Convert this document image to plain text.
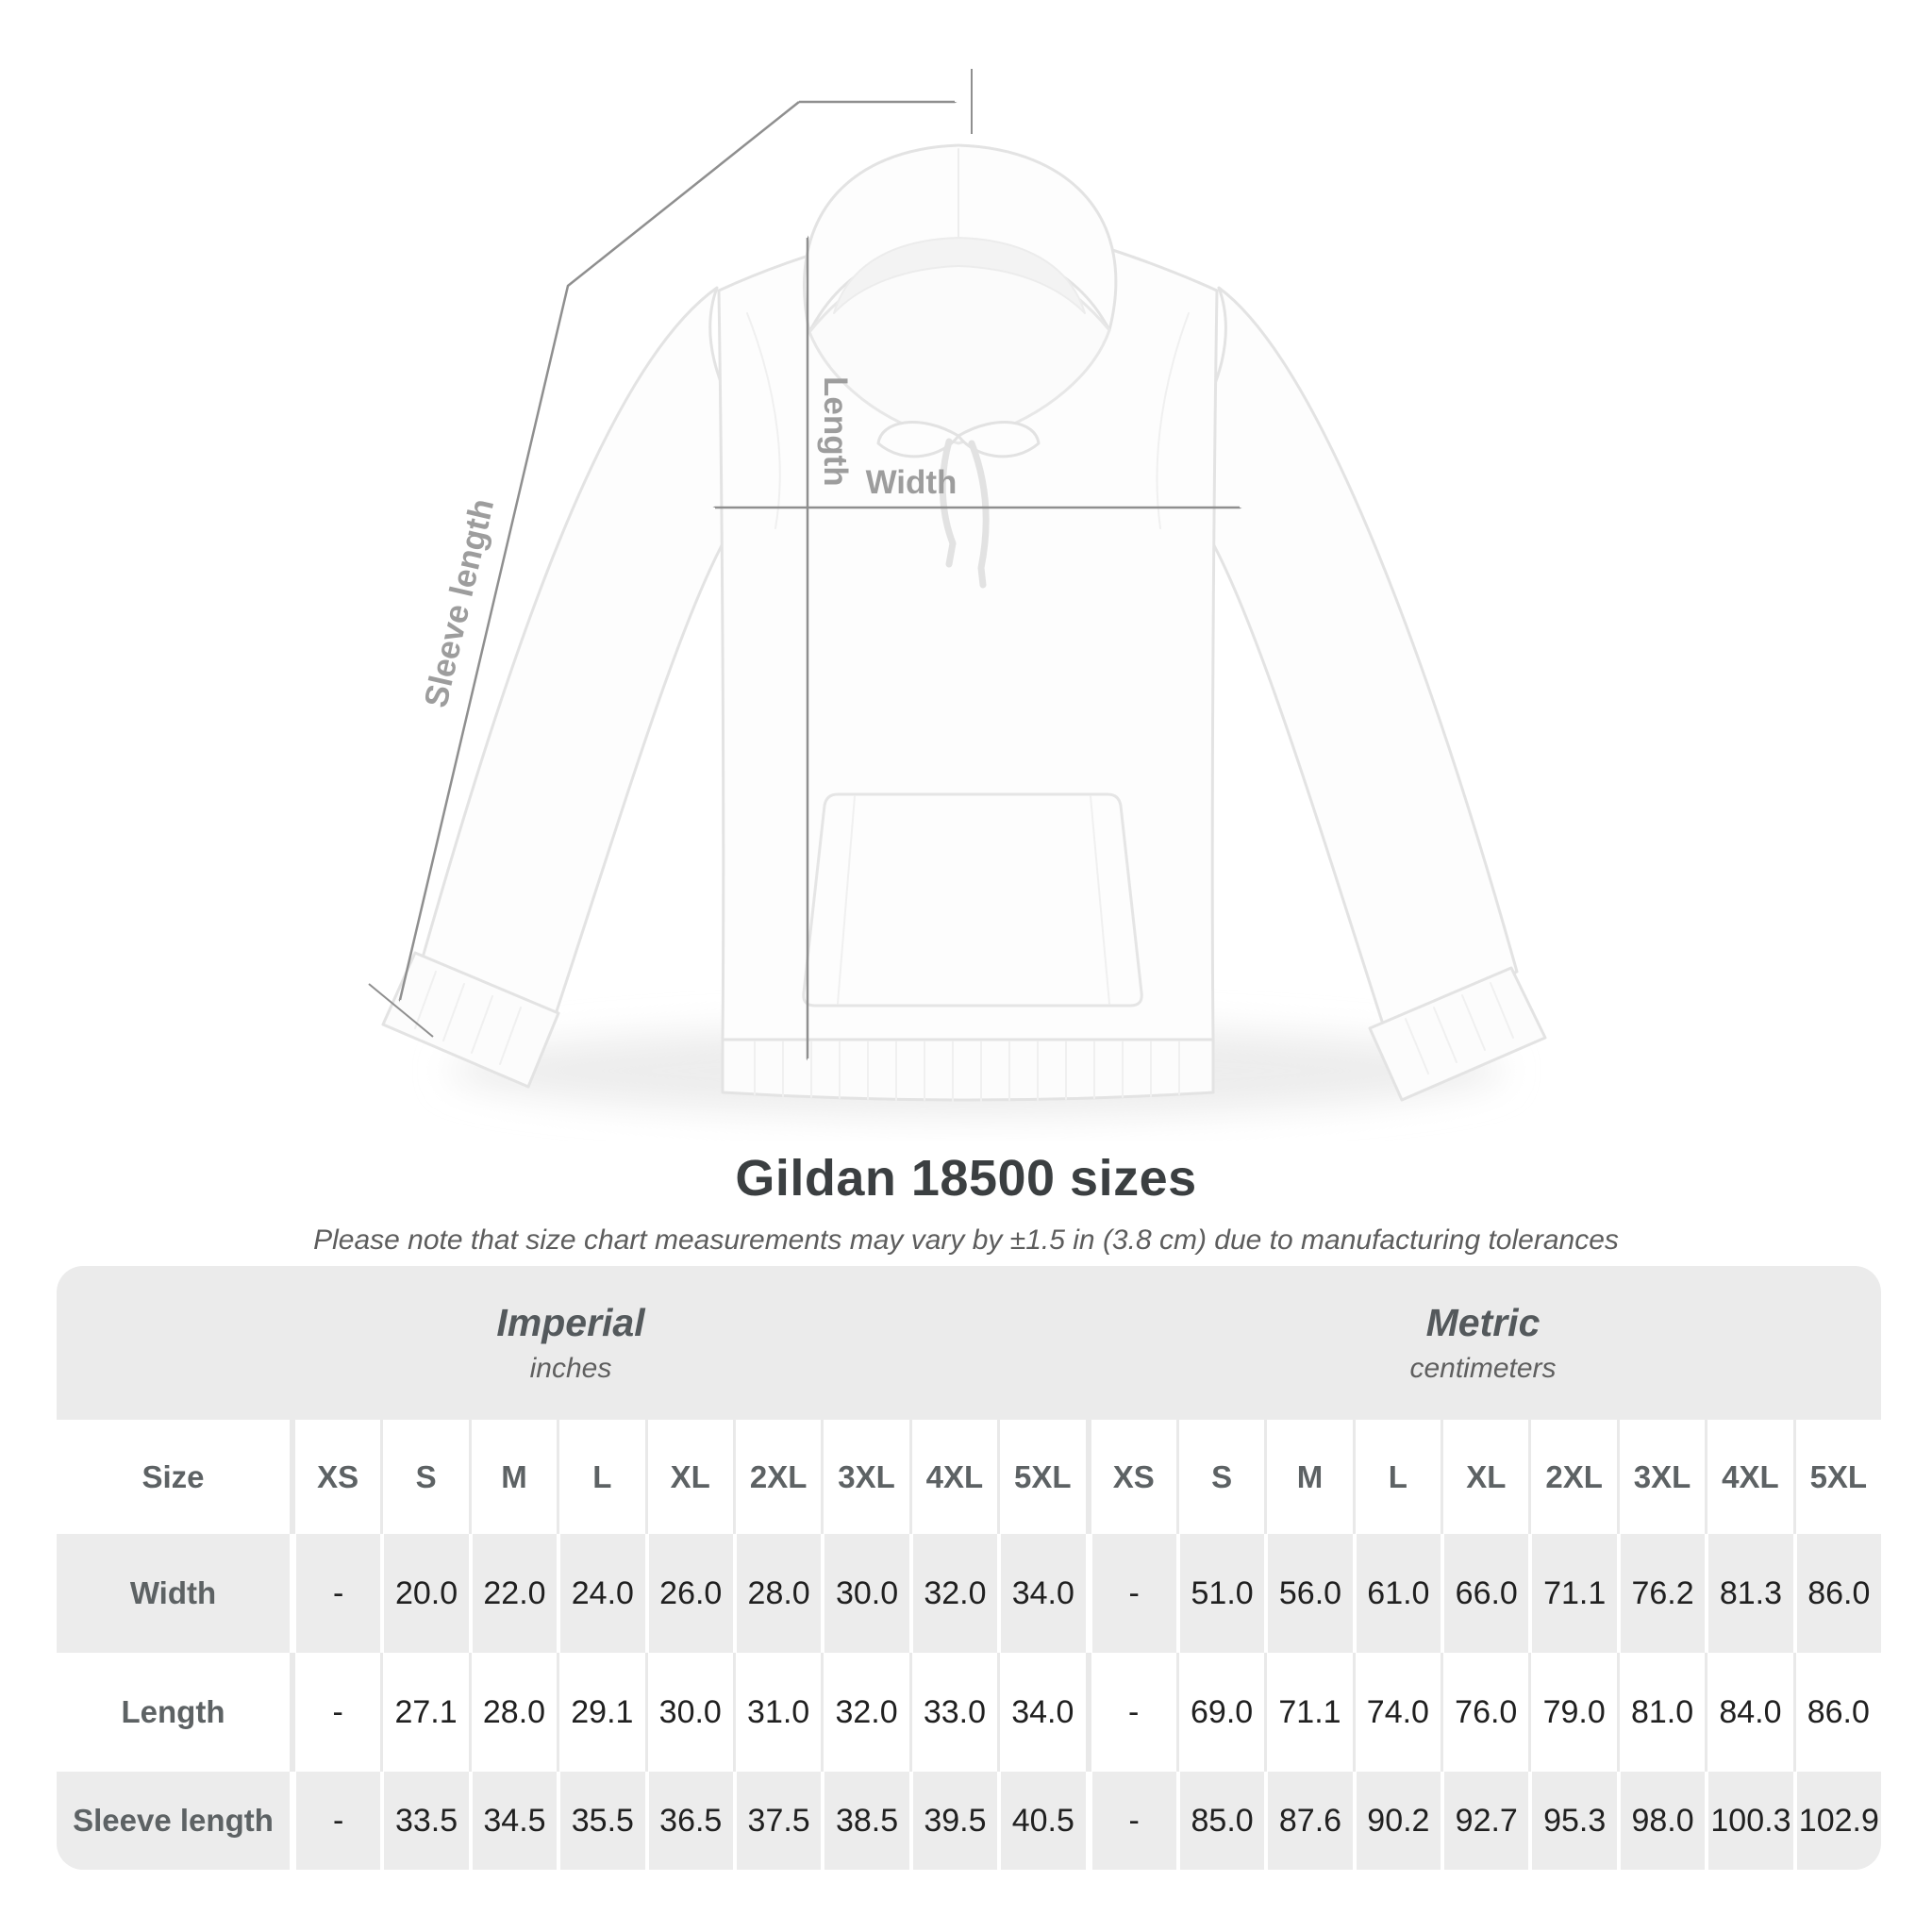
Length Width
Sleeve length
Gildan 18500 sizes
Please note that size chart measurements may vary by ±1.5 in (3.8 cm) due to manufacturing tolerances
Imperial
inches
Metric
centimeters
Size	XS	S	M	L	XL	2XL 3XL 4XL 5XL	XS	S	M	L	XL	2XL 3XL 4XL 5XL
Width	-	20.0 22.0 24.0 26.0 28.0 30.0 32.0 34.0	-	51.0 56.0 61.0 66.0 71.1 76.2 81.3 86.0
Length	-	27.1 28.0 29.1 30.0 31.0 32.0 33.0 34.0	-	69.0 71.1 74.0 76.0 79.0 81.0 84.0 86.0
Sleeve length	-	33.5 34.5 35.5 36.5 37.5 38.5 39.5 40.5	-	85.0 87.6 90.2 92.7 95.3 98.0 100.3 102.9
